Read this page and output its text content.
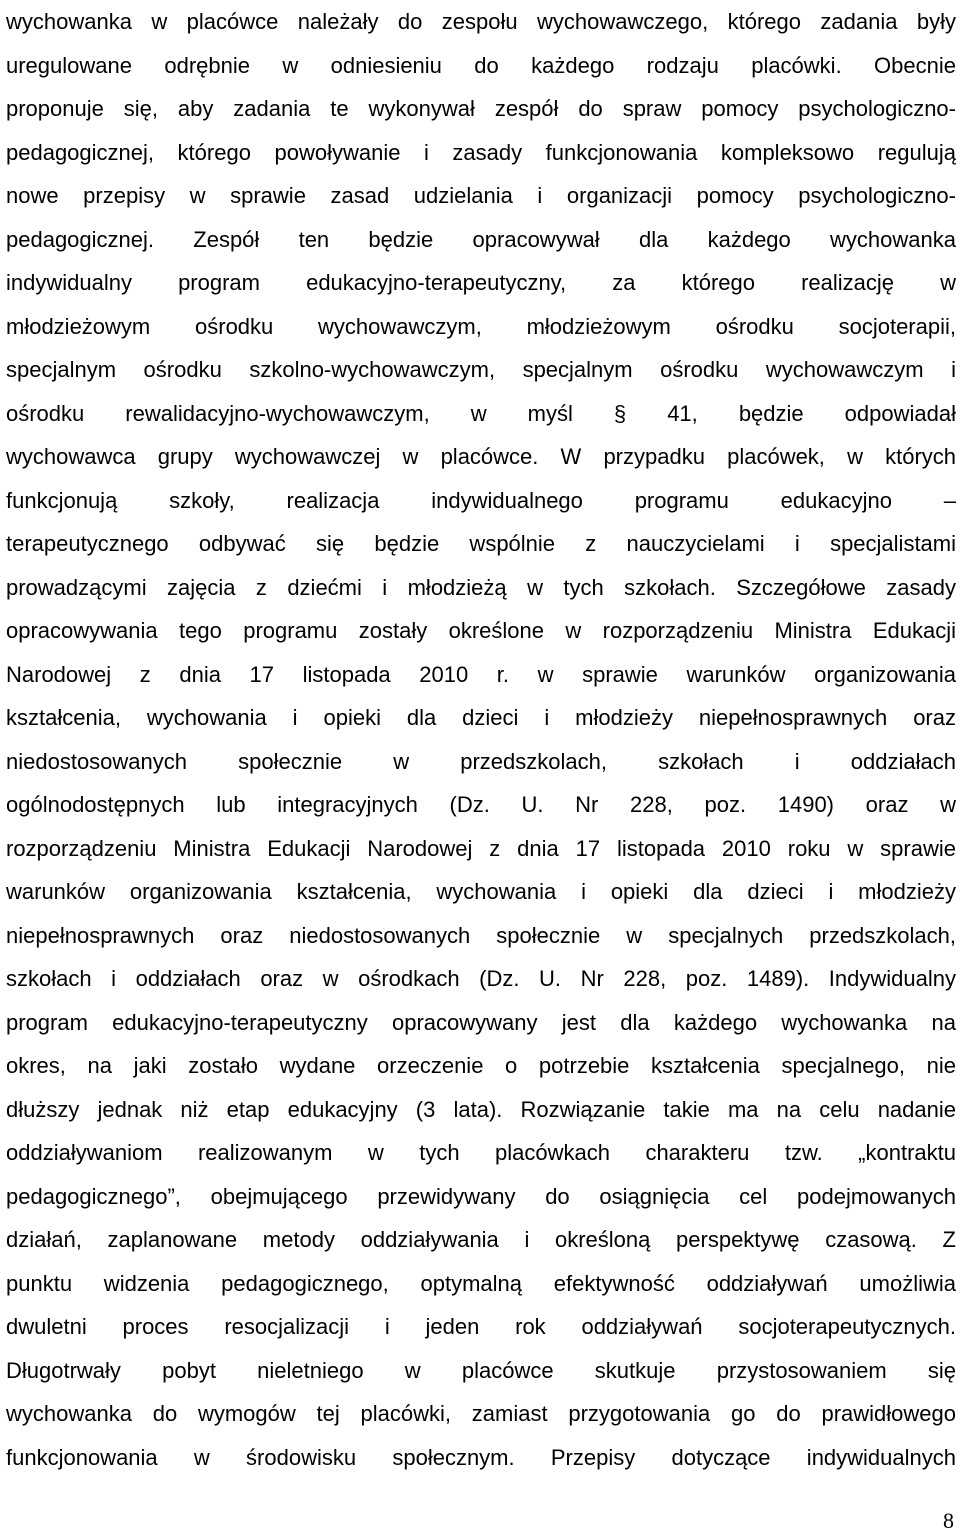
wychowanka w placówce należały do zespołu wychowawczego, którego zadania były
uregulowane odrębnie w odniesieniu do każdego rodzaju placówki. Obecnie
proponuje się, aby zadania te wykonywał zespół do spraw pomocy psychologiczno-
pedagogicznej, którego powoływanie i zasady funkcjonowania kompleksowo regulują
nowe przepisy w sprawie zasad udzielania i organizacji pomocy psychologiczno-
pedagogicznej. Zespół ten będzie opracowywał dla każdego wychowanka
indywidualny program edukacyjno-terapeutyczny, za którego realizację w
młodzieżowym ośrodku wychowawczym, młodzieżowym ośrodku socjoterapii,
specjalnym ośrodku szkolno-wychowawczym, specjalnym ośrodku wychowawczym i
ośrodku rewalidacyjno-wychowawczym, w myśl § 41, będzie odpowiadał
wychowawca grupy wychowawczej w placówce. W przypadku placówek, w których
funkcjonują szkoły, realizacja indywidualnego programu edukacyjno –
terapeutycznego odbywać się będzie wspólnie z nauczycielami i specjalistami
prowadzącymi zajęcia z dziećmi i młodzieżą w tych szkołach. Szczegółowe zasady
opracowywania tego programu zostały określone w rozporządzeniu Ministra Edukacji
Narodowej z dnia 17 listopada 2010 r. w sprawie warunków organizowania
kształcenia, wychowania i opieki dla dzieci i młodzieży niepełnosprawnych oraz
niedostosowanych społecznie w przedszkolach, szkołach i oddziałach
ogólnodostępnych lub integracyjnych (Dz. U. Nr 228, poz. 1490) oraz w
rozporządzeniu Ministra Edukacji Narodowej z dnia 17 listopada 2010 roku w sprawie
warunków organizowania kształcenia, wychowania i opieki dla dzieci i młodzieży
niepełnosprawnych oraz niedostosowanych społecznie w specjalnych przedszkolach,
szkołach i oddziałach oraz w ośrodkach (Dz. U. Nr 228, poz. 1489). Indywidualny
program edukacyjno-terapeutyczny opracowywany jest dla każdego wychowanka na
okres, na jaki zostało wydane orzeczenie o potrzebie kształcenia specjalnego, nie
dłuższy jednak niż etap edukacyjny (3 lata). Rozwiązanie takie ma na celu nadanie
oddziaływaniom realizowanym w tych placówkach charakteru tzw. „kontraktu
pedagogicznego”, obejmującego przewidywany do osiągnięcia cel podejmowanych
działań, zaplanowane metody oddziaływania i określoną perspektywę czasową. Z
punktu widzenia pedagogicznego, optymalną efektywność oddziaływań umożliwia
dwuletni proces resocjalizacji i jeden rok oddziaływań socjoterapeutycznych.
Długotrwały pobyt nieletniego w placówce skutkuje przystosowaniem się
wychowanka do wymogów tej placówki, zamiast przygotowania go do prawidłowego
funkcjonowania w środowisku społecznym. Przepisy dotyczące indywidualnych
8
